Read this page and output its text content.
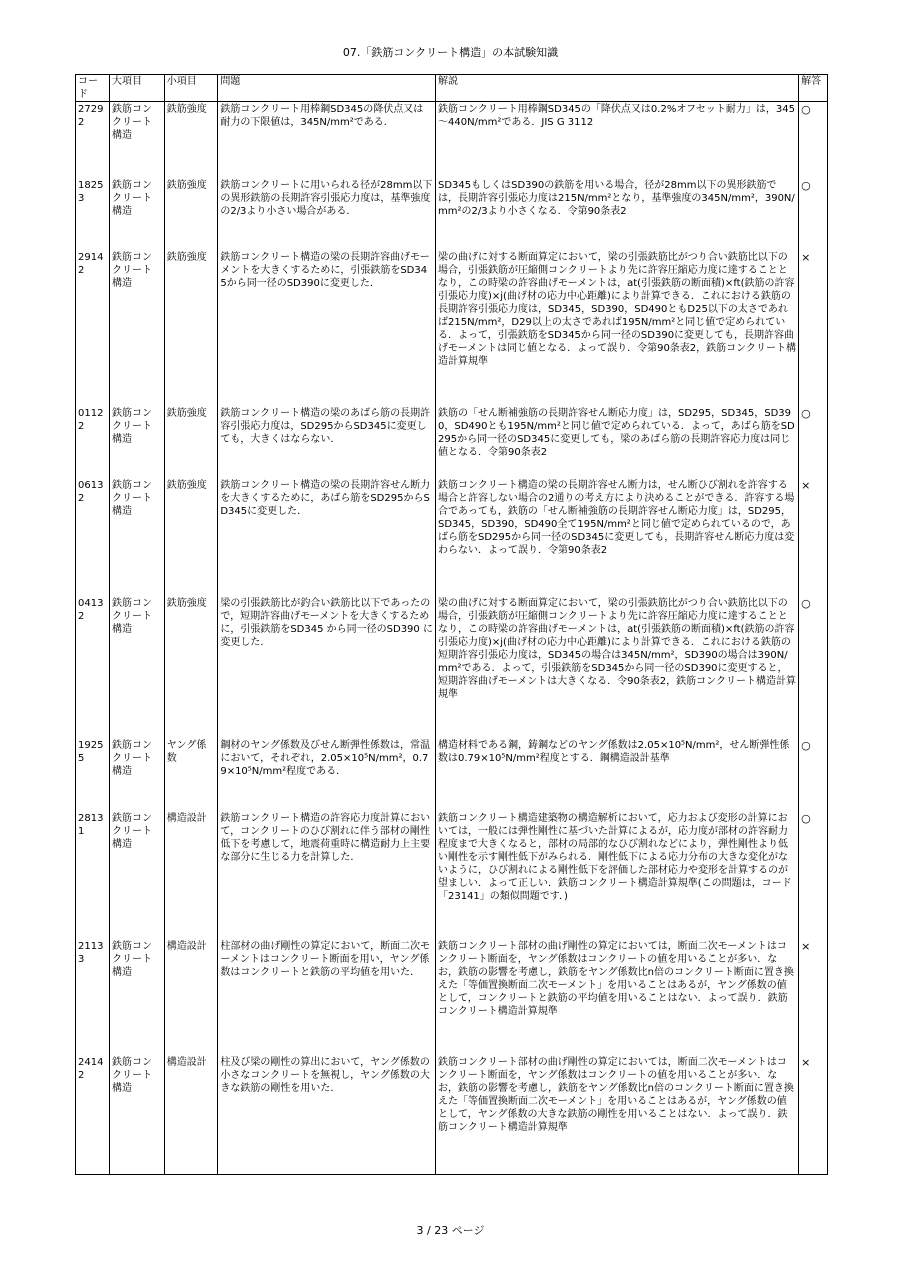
07.「鉄筋コンクリート構造」の本試験知識
コード	大項目	小項目	問題	解説	解答
27292	鉄筋コンクリート構造	鉄筋強度	鉄筋コンクリート用棒鋼SD345の降伏点又は耐力の下限値は，345N/mm²である．	鉄筋コンクリート用棒鋼SD345の「降伏点又は0.2%オフセット耐力」は，345～440N/mm²である．JIS G 3112	○
18253	鉄筋コンクリート構造	鉄筋強度	鉄筋コンクリートに用いられる径が28mm以下の異形鉄筋の長期許容引張応力度は，基準強度の2/3より小さい場合がある．	SD345もしくはSD390の鉄筋を用いる場合，径が28mm以下の異形鉄筋では，長期許容引張応力度は215N/mm²となり，基準強度の345N/mm²，390N/mm²の2/3より小さくなる．令第90条表2	○
29142	鉄筋コンクリート構造	鉄筋強度	鉄筋コンクリート構造の梁の長期許容曲げモーメントを大きくするために，引張鉄筋をSD345から同一径のSD390に変更した．	梁の曲げに対する断面算定において，梁の引張鉄筋比がつり合い鉄筋比以下の場合，引張鉄筋が圧縮側コンクリートより先に許容圧縮応力度に達することとなり，この時梁の許容曲げモーメントは，at(引張鉄筋の断面積)×ft(鉄筋の許容引張応力度)×j(曲げ材の応力中心距離)により計算できる．これにおける鉄筋の長期許容引張応力度は，SD345，SD390，SD490ともD25以下の太さであれば215N/mm²，D29以上の太さであれば195N/mm²と同じ値で定められている．よって，引張鉄筋をSD345から同一径のSD390に変更しても，長期許容曲げモーメントは同じ値となる．よって誤り．令第90条表2，鉄筋コンクリート構造計算規準	×
01122	鉄筋コンクリート構造	鉄筋強度	鉄筋コンクリート構造の梁のあばら筋の長期許容引張応力度は，SD295からSD345に変更しても，大きくはならない．	鉄筋の「せん断補強筋の長期許容せん断応力度」は，SD295，SD345，SD390，SD490とも195N/mm²と同じ値で定められている．よって，あばら筋をSD295から同一径のSD345に変更しても，梁のあばら筋の長期許容応力度は同じ値となる．令第90条表2	○
06132	鉄筋コンクリート構造	鉄筋強度	鉄筋コンクリート構造の梁の長期許容せん断力を大きくするために，あばら筋をSD295からSD345に変更した．	鉄筋コンクリート構造の梁の長期許容せん断力は，せん断ひび割れを許容する場合と許容しない場合の2通りの考え方により決めることができる．許容する場合であっても，鉄筋の「せん断補強筋の長期許容せん断応力度」は，SD295，SD345，SD390，SD490全て195N/mm²と同じ値で定められているので，あばら筋をSD295から同一径のSD345に変更しても，長期許容せん断応力度は変わらない．よって誤り．令第90条表2	×
04132	鉄筋コンクリート構造	鉄筋強度	梁の引張鉄筋比が釣合い鉄筋比以下であったので，短期許容曲げモーメントを大きくするために，引張鉄筋をSD345 から同一径のSD390 に変更した．	梁の曲げに対する断面算定において，梁の引張鉄筋比がつり合い鉄筋比以下の場合，引張鉄筋が圧縮側コンクリートより先に許容圧縮応力度に達することとなり，この時梁の許容曲げモーメントは，at(引張鉄筋の断面積)×ft(鉄筋の許容引張応力度)×j(曲げ材の応力中心距離)により計算できる．これにおける鉄筋の短期許容引張応力度は，SD345の場合は345N/mm²，SD390の場合は390N/mm²である．よって，引張鉄筋をSD345から同一径のSD390に変更すると，短期許容曲げモーメントは大きくなる．令90条表2，鉄筋コンクリート構造計算規準	○
19255	鉄筋コンクリート構造	ヤング係数	鋼材のヤング係数及びせん断弾性係数は，常温において，それぞれ，2.05×10⁵N/mm²，0.79×10⁵N/mm²程度である．	構造材料である鋼，鋳鋼などのヤング係数は2.05×10⁵N/mm²，せん断弾性係数は0.79×10⁵N/mm²程度とする．鋼構造設計基準	○
28131	鉄筋コンクリート構造	構造設計	鉄筋コンクリート構造の許容応力度計算において，コンクリートのひび割れに伴う部材の剛性低下を考慮して，地震荷重時に構造耐力上主要な部分に生じる力を計算した．	鉄筋コンクリート構造建築物の構造解析において，応力および変形の計算においては，一般には弾性剛性に基づいた計算によるが，応力度が部材の許容耐力程度まで大きくなると，部材の局部的なひび割れなどにより，弾性剛性より低い剛性を示す剛性低下がみられる．剛性低下による応力分布の大きな変化がないように，ひび割れによる剛性低下を評価した部材応力や変形を計算するのが望ましい．よって正しい．鉄筋コンクリート構造計算規準(この問題は，コード「23141」の類似問題です．)	○
21133	鉄筋コンクリート構造	構造設計	柱部材の曲げ剛性の算定において，断面二次モーメントはコンクリート断面を用い，ヤング係数はコンクリートと鉄筋の平均値を用いた．	鉄筋コンクリート部材の曲げ剛性の算定においては，断面二次モーメントはコンクリート断面を，ヤング係数はコンクリートの値を用いることが多い．なお，鉄筋の影響を考慮し，鉄筋をヤング係数比n倍のコンクリート断面に置き換えた「等価置換断面二次モーメント」を用いることはあるが，ヤング係数の値として，コンクリートと鉄筋の平均値を用いることはない．よって誤り．鉄筋コンクリート構造計算規準	×
24142	鉄筋コンクリート構造	構造設計	柱及び梁の剛性の算出において，ヤング係数の小さなコンクリートを無視し，ヤング係数の大きな鉄筋の剛性を用いた．	鉄筋コンクリート部材の曲げ剛性の算定においては，断面二次モーメントはコンクリート断面を，ヤング係数はコンクリートの値を用いることが多い．なお，鉄筋の影響を考慮し，鉄筋をヤング係数比n倍のコンクリート断面に置き換えた「等価置換断面二次モーメント」を用いることはあるが，ヤング係数の値として，ヤング係数の大きな鉄筋の剛性を用いることはない．よって誤り．鉄筋コンクリート構造計算規準	×
3 / 23 ページ
